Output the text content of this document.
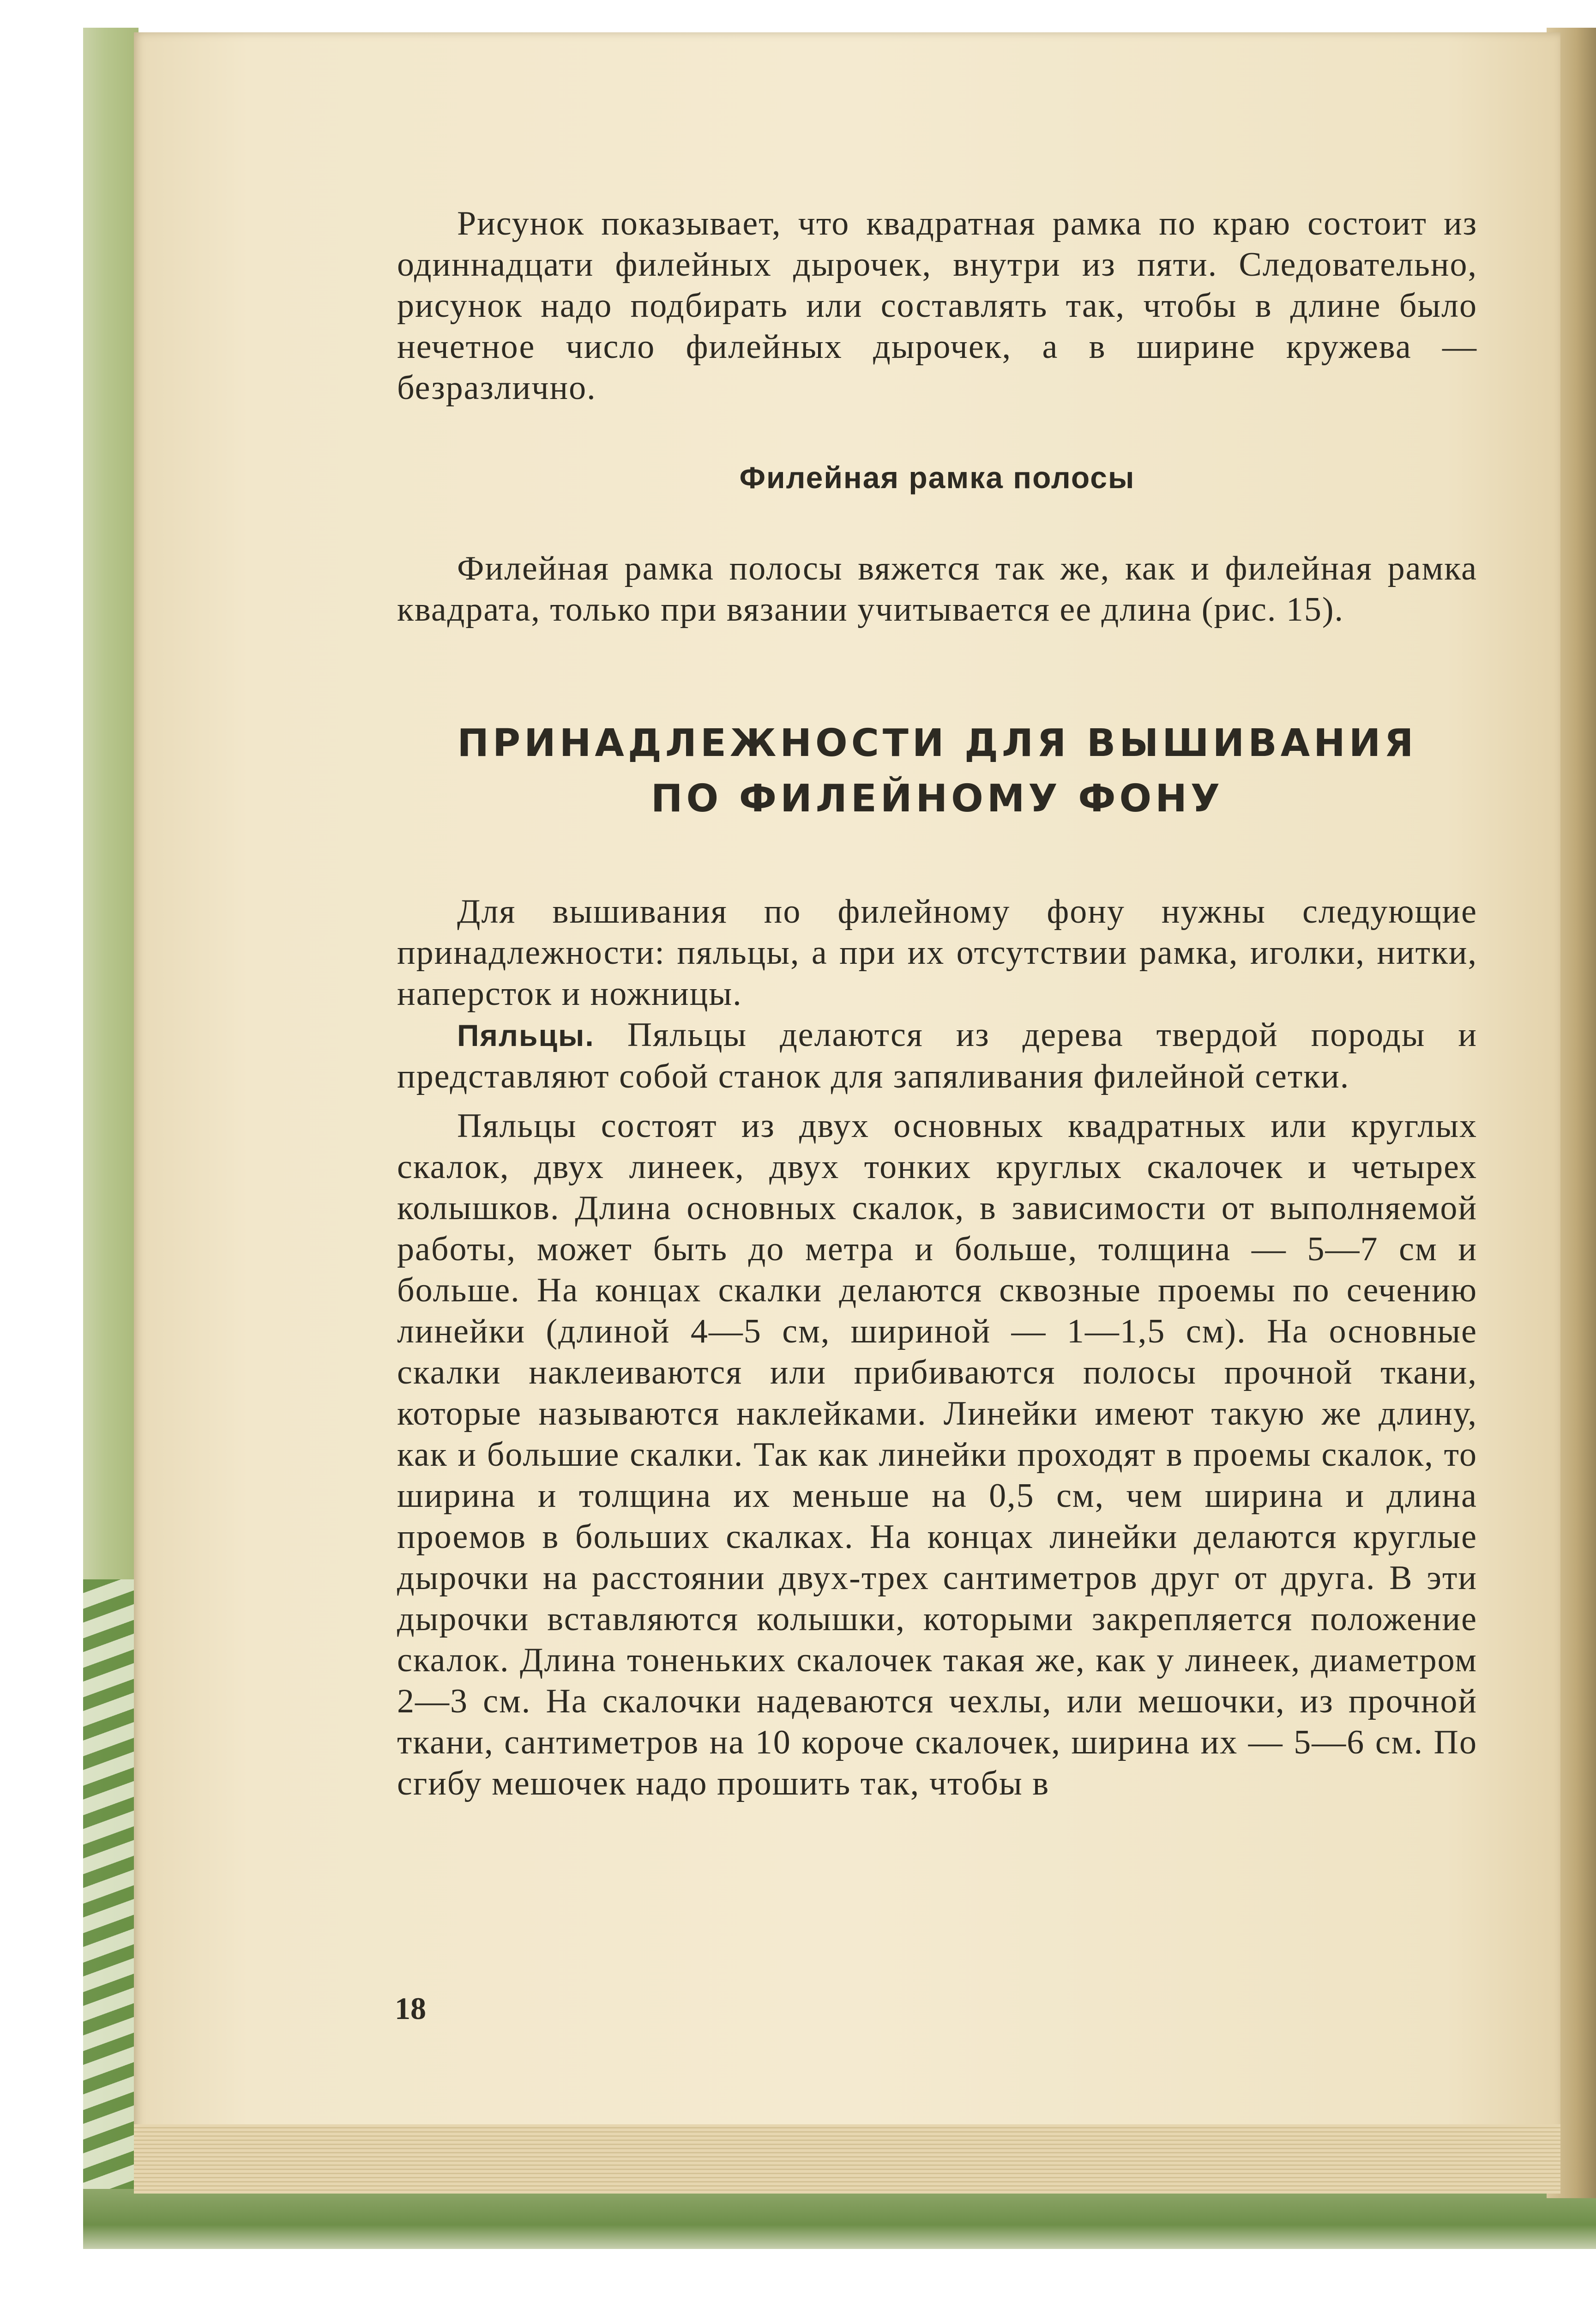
Рисунок показывает, что квадратная рамка по краю состоит из одиннадцати филейных дырочек, внутри из пяти. Следовательно, рисунок надо подбирать или составлять так, чтобы в длине было нечетное число филейных дырочек, а в ширине кружева — безразлично.

Филейная рамка полосы

Филейная рамка полосы вяжется так же, как и филейная рамка квадрата, только при вязании учитывается ее длина (рис. 15).

ПРИНАДЛЕЖНОСТИ ДЛЯ ВЫШИВАНИЯ
ПО ФИЛЕЙНОМУ ФОНУ

Для вышивания по филейному фону нужны следующие принадлежности: пяльцы, а при их отсутствии рамка, иголки, нитки, наперсток и ножницы.

Пяльцы. Пяльцы делаются из дерева твердой породы и представляют собой станок для запяливания филейной сетки.

Пяльцы состоят из двух основных квадратных или круглых скалок, двух линеек, двух тонких круглых скалочек и четырех колышков. Длина основных скалок, в зависимости от выполняемой работы, может быть до метра и больше, толщина — 5—7 см и больше. На концах скалки делаются сквозные проемы по сечению линейки (длиной 4—5 см, шириной — 1—1,5 см). На основные скалки наклеиваются или прибиваются полосы прочной ткани, которые называются наклейками. Линейки имеют такую же длину, как и большие скалки. Так как линейки проходят в проемы скалок, то ширина и толщина их меньше на 0,5 см, чем ширина и длина проемов в больших скалках. На концах линейки делаются круглые дырочки на расстоянии двух-трех сантиметров друг от друга. В эти дырочки вставляются колышки, которыми закрепляется положение скалок. Длина тоненьких скалочек такая же, как у линеек, диаметром 2—3 см. На скалочки надеваются чехлы, или мешочки, из прочной ткани, сантиметров на 10 короче скалочек, ширина их — 5—6 см. По сгибу мешочек надо прошить так, чтобы в

18
